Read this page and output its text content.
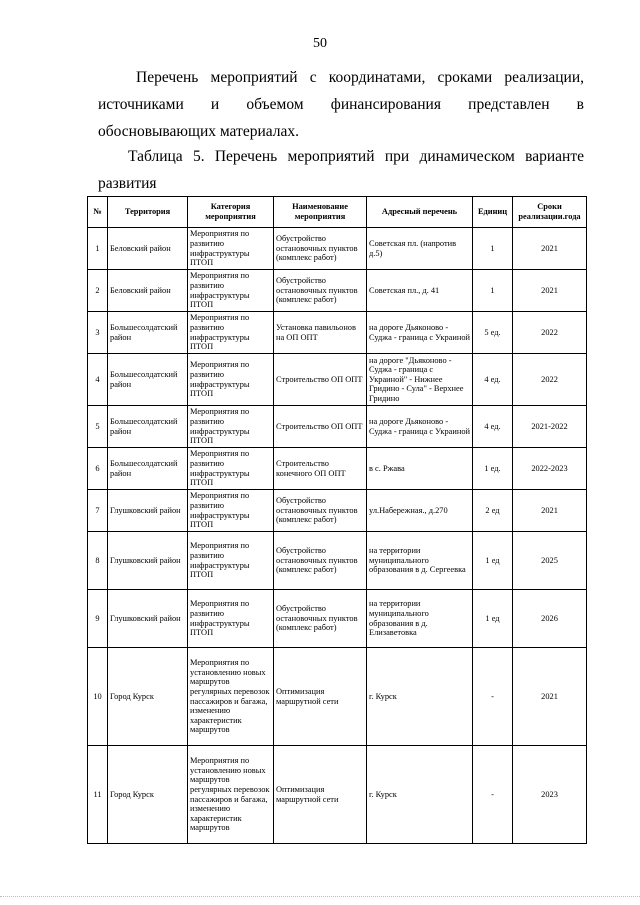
50

Перечень мероприятий с координатами, сроками реализации, источниками и объемом финансирования представлен в обосновывающих материалах.

Таблица 5. Перечень мероприятий при динамическом варианте развития

№	Территория	Категория мероприятия	Наименование мероприятия	Адресный перечень	Единиц	Сроки реализации.года
1	Беловский район	Мероприятия по развитию инфраструктуры ПТОП	Обустройство остановочных пунктов (комплекс работ)	Советская пл. (напротив д.5)	1	2021
2	Беловский район	Мероприятия по развитию инфраструктуры ПТОП	Обустройство остановочных пунктов (комплекс работ)	Советская пл., д. 41	1	2021
3	Большесолдатский район	Мероприятия по развитию инфраструктуры ПТОП	Установка павильонов на ОП ОПТ	на дороге Дьяконово - Суджа - граница с Украиной	5 ед.	2022
4	Большесолдатский район	Мероприятия по развитию инфраструктуры ПТОП	Строительство ОП ОПТ	на дороге "Дьяконово - Суджа - граница с Украиной" - Нижнее Гридино - Сула" - Верхнее Гридино	4 ед.	2022
5	Большесолдатский район	Мероприятия по развитию инфраструктуры ПТОП	Строительство ОП ОПТ	на дороге Дьяконово - Суджа - граница с Украиной	4 ед.	2021-2022
6	Большесолдатский район	Мероприятия по развитию инфраструктуры ПТОП	Строительство конечного ОП ОПТ	в с. Ржава	1 ед.	2022-2023
7	Глушковский район	Мероприятия по развитию инфраструктуры ПТОП	Обустройство остановочных пунктов (комплекс работ)	ул.Набережная., д.270	2 ед	2021
8	Глушковский район	Мероприятия по развитию инфраструктуры ПТОП	Обустройство остановочных пунктов (комплекс работ)	на территории муниципального образования в д. Сергеевка	1 ед	2025
9	Глушковский район	Мероприятия по развитию инфраструктуры ПТОП	Обустройство остановочных пунктов (комплекс работ)	на территории муниципального образования в д. Елизаветовка	1 ед	2026
10	Город Курск	Мероприятия по установлению новых маршрутов регулярных перевозок пассажиров и багажа, изменению характеристик маршрутов	Оптимизация маршрутной сети	г. Курск	-	2021
11	Город Курск	Мероприятия по установлению новых маршрутов регулярных перевозок пассажиров и багажа, изменению характеристик маршрутов	Оптимизация маршрутной сети	г. Курск	-	2023
